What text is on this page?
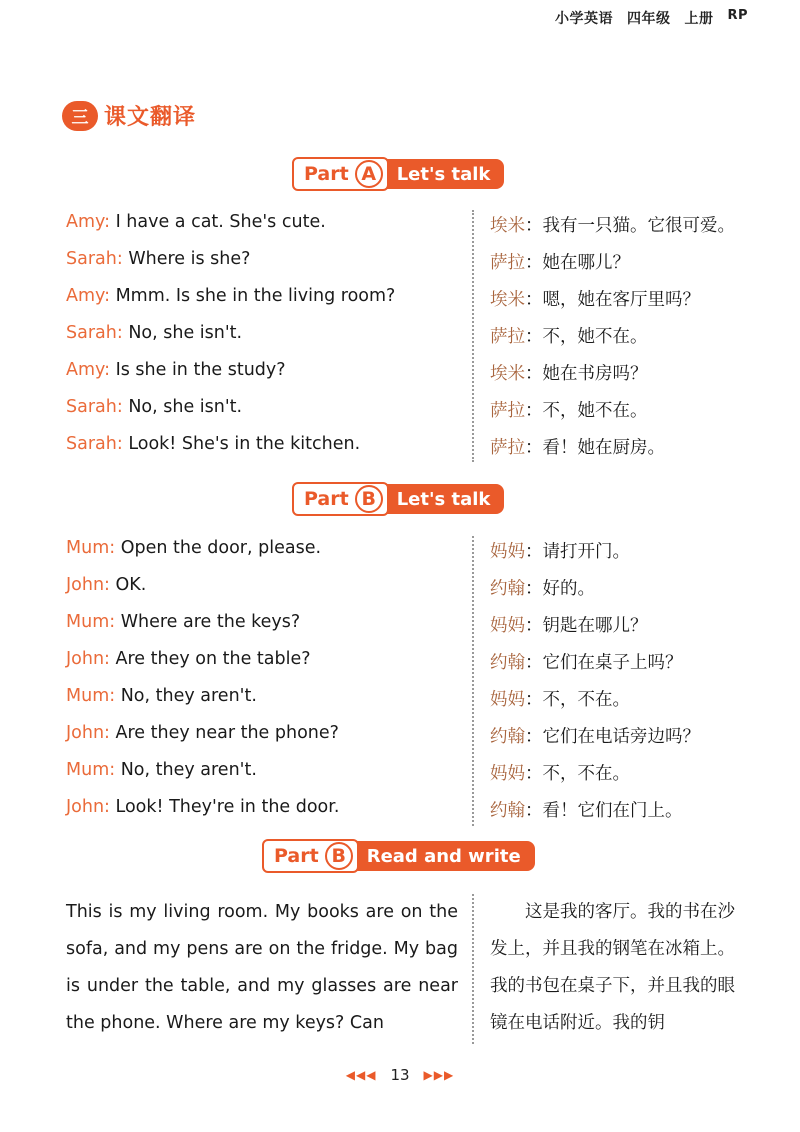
小学英语 四年级 上册 RP
三 课文翻译
Part A	Let's talk
Amy: I have a cat. She's cute.	埃米：我有一只猫。它很可爱。
Sarah: Where is she?	萨拉：她在哪儿？
Amy: Mmm. Is she in the living room?	埃米：嗯，她在客厅里吗？
Sarah: No, she isn't.	萨拉：不，她不在。
Amy: Is she in the study?	埃米：她在书房吗？
Sarah: No, she isn't.	萨拉：不，她不在。
Sarah: Look! She's in the kitchen.	萨拉：看！她在厨房。
Part B	Let's talk
Mum: Open the door, please.	妈妈：请打开门。
John: OK.	约翰：好的。
Mum: Where are the keys?	妈妈：钥匙在哪儿？
John: Are they on the table?	约翰：它们在桌子上吗？
Mum: No, they aren't.	妈妈：不，不在。
John: Are they near the phone?	约翰：它们在电话旁边吗？
Mum: No, they aren't.	妈妈：不，不在。
John: Look! They're in the door.	约翰：看！它们在门上。
Part B	Read and write
This is my living room. My books are on the sofa, and my pens are on the fridge. My bag is under the table, and my glasses are near the phone. Where are my keys? Can
这是我的客厅。我的书在沙发上，并且我的钢笔在冰箱上。我的书包在桌子下，并且我的眼镜在电话附近。我的钥
◀◀◀ 13 ▶▶▶
